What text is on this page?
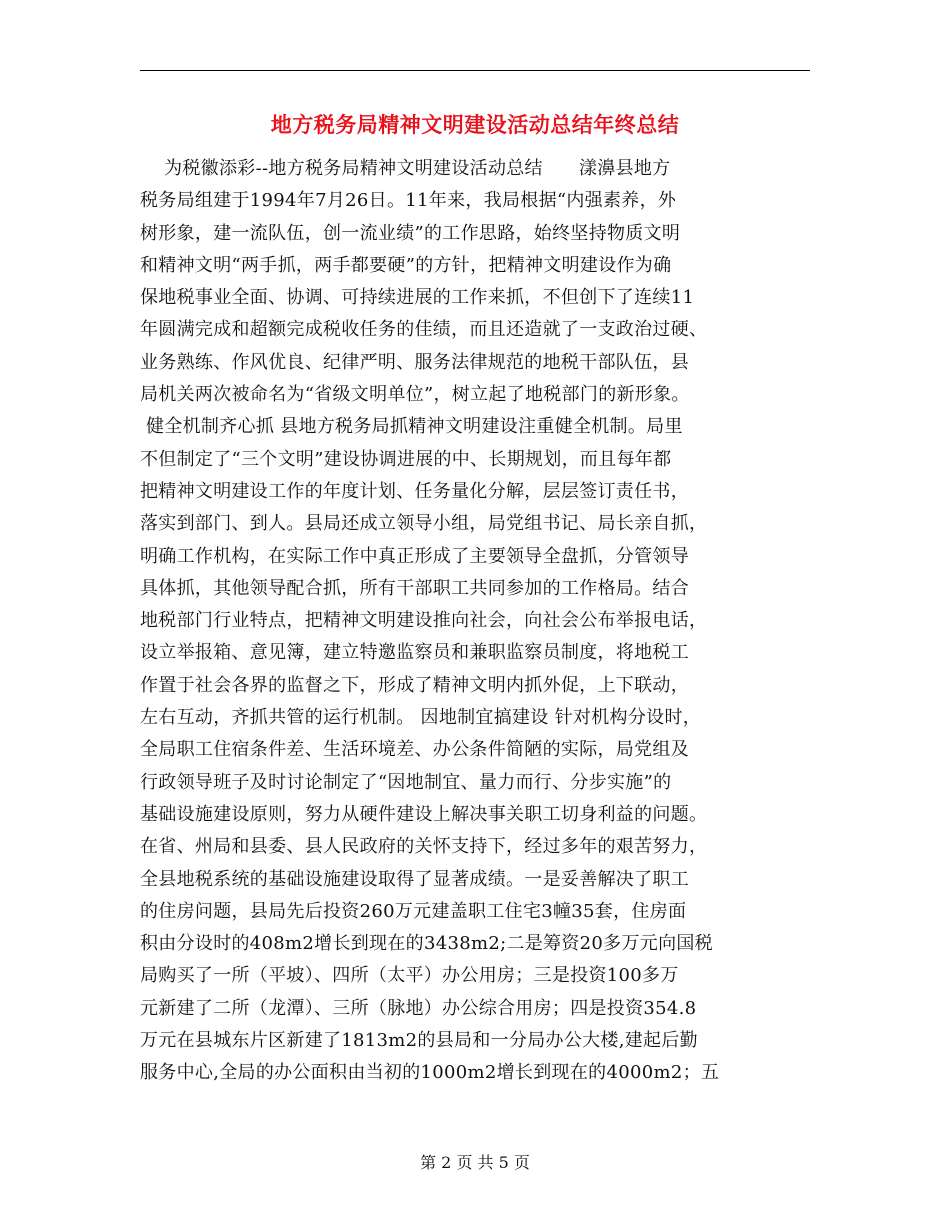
地方税务局精神文明建设活动总结年终总结
为税徽添彩--地方税务局精神文明建设活动总结      漾濞县地方
税务局组建于1994年7月26日。11年来，我局根据“内强素养，外
树形象，建一流队伍，创一流业绩”的工作思路，始终坚持物质文明
和精神文明“两手抓，两手都要硬”的方针，把精神文明建设作为确
保地税事业全面、协调、可持续进展的工作来抓，不但创下了连续11
年圆满完成和超额完成税收任务的佳绩，而且还造就了一支政治过硬、
业务熟练、作风优良、纪律严明、服务法律规范的地税干部队伍，县
局机关两次被命名为“省级文明单位”，树立起了地税部门的新形象。
健全机制齐心抓 县地方税务局抓精神文明建设注重健全机制。局里
不但制定了“三个文明”建设协调进展的中、长期规划，而且每年都
把精神文明建设工作的年度计划、任务量化分解，层层签订责任书，
落实到部门、到人。县局还成立领导小组，局党组书记、局长亲自抓，
明确工作机构，在实际工作中真正形成了主要领导全盘抓，分管领导
具体抓，其他领导配合抓，所有干部职工共同参加的工作格局。结合
地税部门行业特点，把精神文明建设推向社会，向社会公布举报电话，
设立举报箱、意见簿，建立特邀监察员和兼职监察员制度，将地税工
作置于社会各界的监督之下，形成了精神文明内抓外促，上下联动，
左右互动，齐抓共管的运行机制。 因地制宜搞建设 针对机构分设时，
全局职工住宿条件差、生活环境差、办公条件简陋的实际，局党组及
行政领导班子及时讨论制定了“因地制宜、量力而行、分步实施”的
基础设施建设原则，努力从硬件建设上解决事关职工切身利益的问题。
在省、州局和县委、县人民政府的关怀支持下，经过多年的艰苦努力，
全县地税系统的基础设施建设取得了显著成绩。一是妥善解决了职工
的住房问题，县局先后投资260万元建盖职工住宅3幢35套，住房面
积由分设时的408m2增长到现在的3438m2;二是筹资20多万元向国税
局购买了一所（平坡）、四所（太平）办公用房；三是投资100多万
元新建了二所（龙潭）、三所（脉地）办公综合用房；四是投资354.8
万元在县城东片区新建了1813m2的县局和一分局办公大楼,建起后勤
服务中心,全局的办公面积由当初的1000m2增长到现在的4000m2；五
第 2 页 共 5 页
